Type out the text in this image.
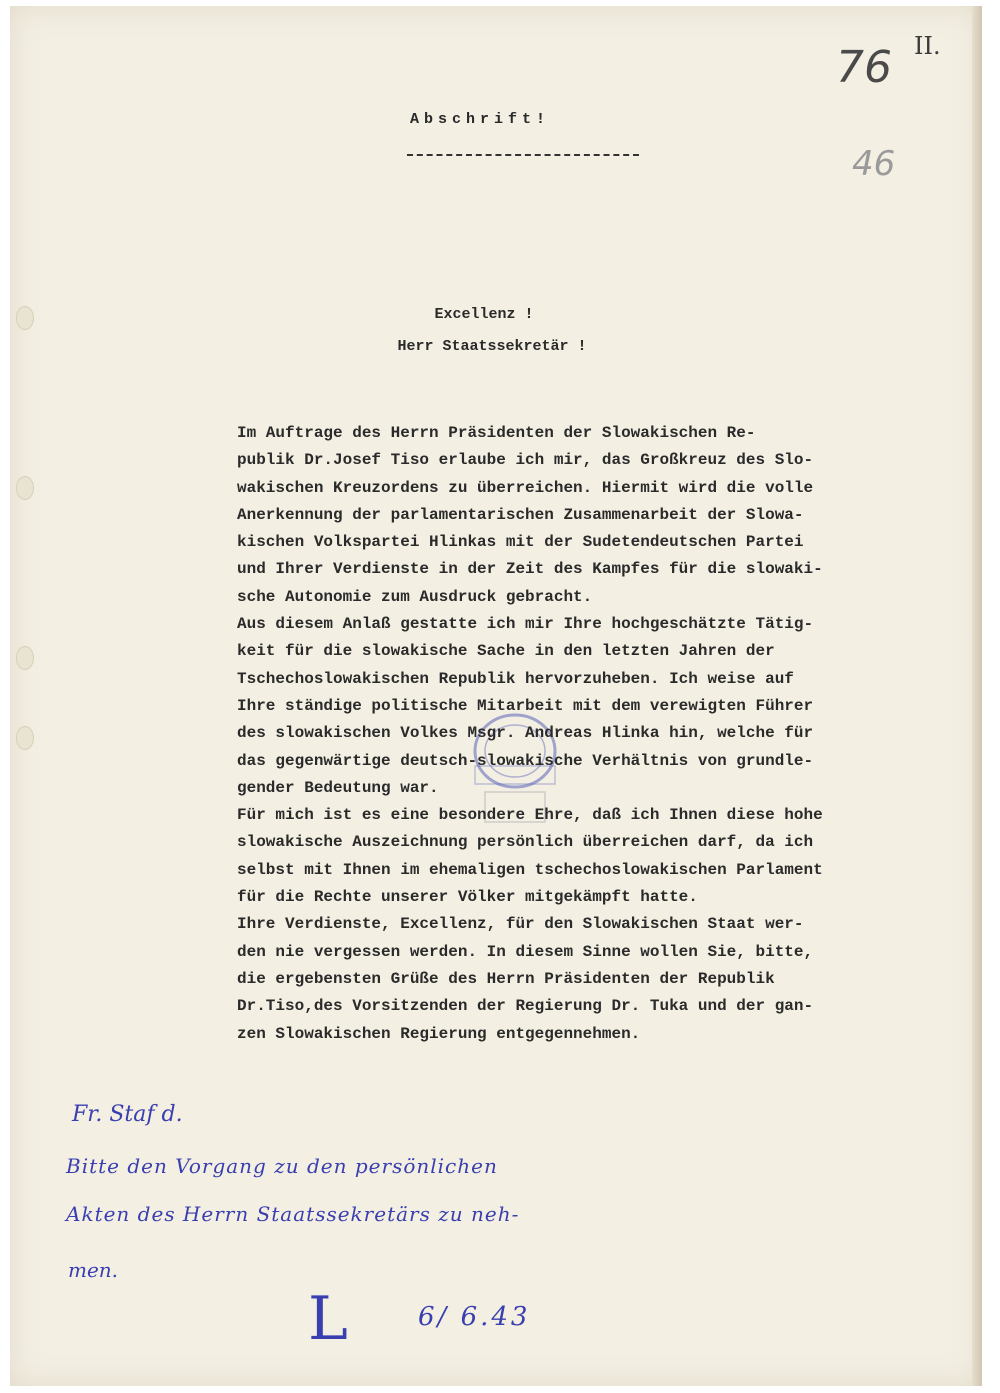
76 II.
46
Abschrift!
Excellenz !
Herr Staatssekretär !
Im Auftrage des Herrn Präsidenten der Slowakischen Re-
publik Dr.Josef Tiso erlaube ich mir, das Großkreuz des Slo-
wakischen Kreuzordens zu überreichen. Hiermit wird die volle
Anerkennung der parlamentarischen Zusammenarbeit der Slowa-
kischen Volkspartei Hlinkas mit der Sudetendeutschen Partei
und Ihrer Verdienste in der Zeit des Kampfes für die slowaki-
sche Autonomie zum Ausdruck gebracht.
Aus diesem Anlaß gestatte ich mir Ihre hochgeschätzte Tätig-
keit für die slowakische Sache in den letzten Jahren der
Tschechoslowakischen Republik hervorzuheben. Ich weise auf
Ihre ständige politische Mitarbeit mit dem verewigten Führer
des slowakischen Volkes Msgr. Andreas Hlinka hin, welche für
das gegenwärtige deutsch-slowakische Verhältnis von grundle-
gender Bedeutung war.
Für mich ist es eine besondere Ehre, daß ich Ihnen diese hohe
slowakische Auszeichnung persönlich überreichen darf, da ich
selbst mit Ihnen im ehemaligen tschechoslowakischen Parlament
für die Rechte unserer Völker mitgekämpft hatte.
Ihre Verdienste, Excellenz, für den Slowakischen Staat wer-
den nie vergessen werden. In diesem Sinne wollen Sie, bitte,
die ergebensten Grüße des Herrn Präsidenten der Republik
Dr.Tiso,des Vorsitzenden der Regierung Dr. Tuka und der gan-
zen Slowakischen Regierung entgegennehmen.
Fr. Staf d.
Bitte den Vorgang zu den persönlichen
Akten des Herrn Staatssekretärs zu neh-
men.
L	6/ 6.43
